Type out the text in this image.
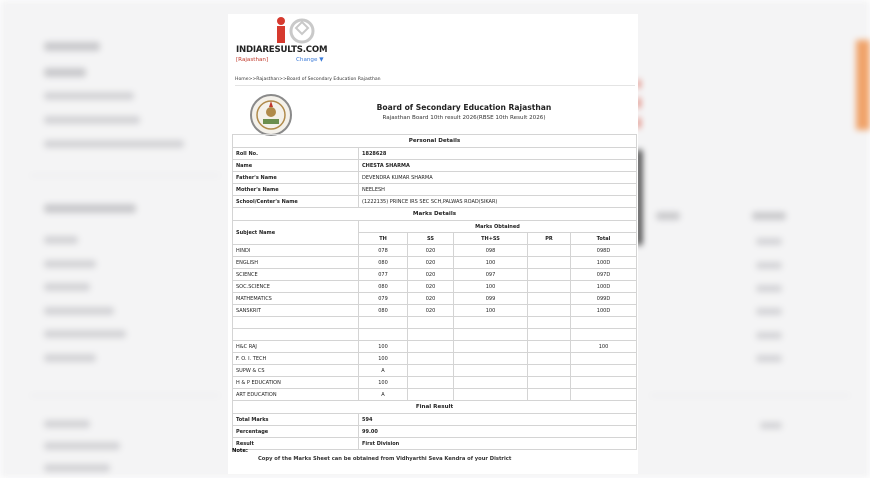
INDIARESULTS.COM
[Rajasthan]	Change ▼
Home>>Rajasthan>>Board of Secondary Education Rajasthan
Board of Secondary Education Rajasthan
Rajasthan Board 10th result 2026(RBSE 10th Result 2026)
Personal Details					
Roll No.	1828628				
Name	CHESTA SHARMA				
Father's Name	DEVENDRA KUMAR SHARMA				
Mother's Name	NEELESH				
School/Center's Name	(1222135) PRINCE IRS SEC SCH,PALWAS ROAD(SIKAR)				
Marks Details					
Subject Name	Marks Obtained				
	TH	SS	TH+SS	PR	Total
HINDI	078	020	098		098D
ENGLISH	080	020	100		100D
SCIENCE	077	020	097		097D
SOC.SCIENCE	080	020	100		100D
MATHEMATICS	079	020	099		099D
SANSKRIT	080	020	100		100D

H&C RAJ	100				100
F. O. I. TECH	100				
SUPW & CS	A				
H & P EDUCATION	100				
ART EDUCATION	A				
Final Result					
Total Marks	594				
Percentage	99.00				
Result	First Division				
Note:
Copy of the Marks Sheet can be obtained from Vidhyarthi Seva Kendra of your District
